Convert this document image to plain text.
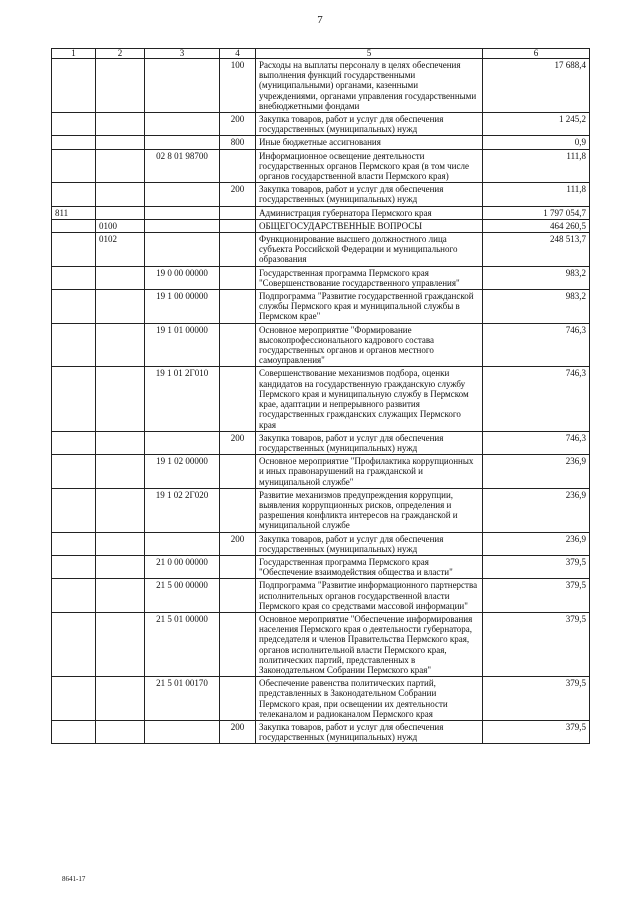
7
1	2	3	4	5	6
			100	Расходы на выплаты персоналу в целях обеспечения выполнения функций государственными (муниципальными) органами, казенными учреждениями, органами управления государственными внебюджетными фондами	17 688,4
			200	Закупка товаров, работ и услуг для обеспечения государственных (муниципальных) нужд	1 245,2
			800	Иные бюджетные ассигнования	0,9
		02 8 01 98700		Информационное освещение деятельности государственных органов Пермского края (в том числе органов государственной власти Пермского края)	111,8
			200	Закупка товаров, работ и услуг для обеспечения государственных (муниципальных) нужд	111,8
811				Администрация губернатора Пермского края	1 797 054,7
	0100			ОБЩЕГОСУДАРСТВЕННЫЕ ВОПРОСЫ	464 260,5
	0102			Функционирование высшего должностного лица субъекта Российской Федерации и муниципального образования	248 513,7
		19 0 00 00000		Государственная программа Пермского края "Совершенствование государственного управления"	983,2
		19 1 00 00000		Подпрограмма "Развитие государственной гражданской службы Пермского края и муниципальной службы в Пермском крае"	983,2
		19 1 01 00000		Основное мероприятие "Формирование высокопрофессионального кадрового состава государственных органов и органов местного самоуправления"	746,3
		19 1 01 2Г010		Совершенствование механизмов подбора, оценки кандидатов на государственную гражданскую службу Пермского края и муниципальную службу в Пермском крае, адаптации и непрерывного развития государственных гражданских служащих Пермского края	746,3
			200	Закупка товаров, работ и услуг для обеспечения государственных (муниципальных) нужд	746,3
		19 1 02 00000		Основное мероприятие "Профилактика коррупционных и иных правонарушений на гражданской и муниципальной службе"	236,9
		19 1 02 2Г020		Развитие механизмов предупреждения коррупции, выявления коррупционных рисков, определения и разрешения конфликта интересов на гражданской и муниципальной службе	236,9
			200	Закупка товаров, работ и услуг для обеспечения государственных (муниципальных) нужд	236,9
		21 0 00 00000		Государственная программа Пермского края "Обеспечение взаимодействия общества и власти"	379,5
		21 5 00 00000		Подпрограмма "Развитие информационного партнерства исполнительных органов государственной власти Пермского края со средствами массовой информации"	379,5
		21 5 01 00000		Основное мероприятие "Обеспечение информирования населения Пермского края о деятельности губернатора, председателя и членов Правительства Пермского края, органов исполнительной власти Пермского края, политических партий, представленных в Законодательном Собрании Пермского края"	379,5
		21 5 01 00170		Обеспечение равенства политических партий, представленных в Законодательном Собрании Пермского края, при освещении их деятельности телеканалом и радиоканалом Пермского края	379,5
			200	Закупка товаров, работ и услуг для обеспечения государственных (муниципальных) нужд	379,5
8641-17
